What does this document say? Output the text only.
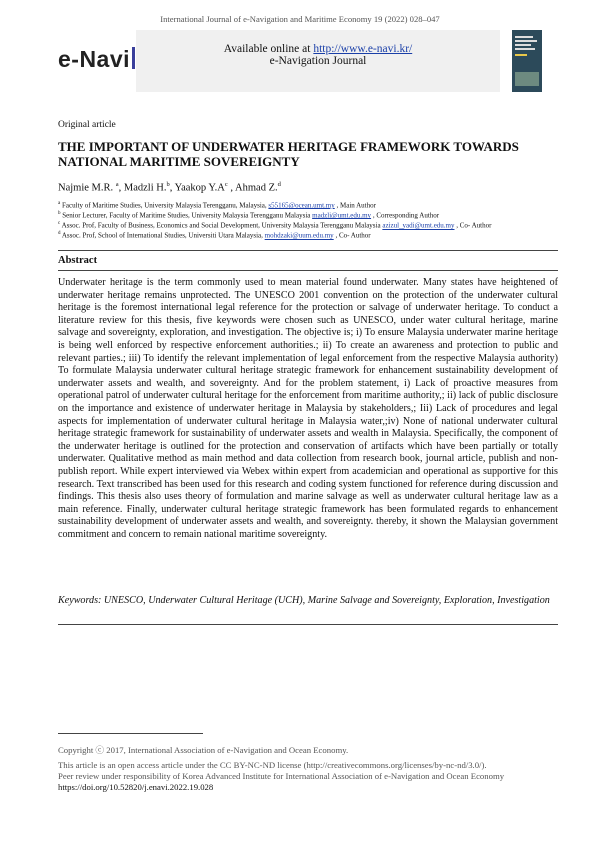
International Journal of e-Navigation and Maritime Economy 19 (2022) 028–047
e-Navi	Available online at http://www.e-navi.kr/
e-Navigation Journal
Original article
THE IMPORTANT OF UNDERWATER HERITAGE FRAMEWORK TOWARDS NATIONAL MARITIME SOVEREIGNTY
Najmie M.R. $^a$, Madzli H.$^b$, Yaakop $Y.A^c$ , Ahmad Z.$^d$
$^a$ Faculty of Maritime Studies, University Malaysia Terengganu, Malaysia, s55165@ocean.umt.my , Main Author
$^b$ Senior Lecturer, Faculty of Maritime Studies, University Malaysia Terengganu Malaysia madzli@umt.edu.my , Corresponding Author
$^c$ Assoc. Prof, Faculty of Business, Economics and Social Development, University Malaysia Terengganu Malaysia azizul_yadi@umt.edu.my , Co- Author
$^d$ Assoc. Prof, School of International Studies, Universiti Utara Malaysia, mohdzaki@uum.edu.my , Co- Author
Abstract

Underwater heritage is the term commonly used to mean material found underwater. Many states have heightened of underwater heritage remains unprotected. The UNESCO 2001 convention on the protection of the underwater cultural heritage is the foremost international legal reference for the protection or salvage of underwater heritage. To conduct a literature review for this thesis, five keywords were chosen such as UNESCO, under water cultural heritage, marine salvage and sovereignty, exploration, and investigation. The objective is; i) To ensure Malaysia underwater marine heritage is being well enforced by respective enforcement authorities.; ii) To create an awareness and protection to public and relevant parties.; iii) To identify the relevant implementation of legal enforcement from the respective Malaysia authority) To formulate Malaysia underwater cultural heritage strategic framework for enhancement sustainability development of underwater assets and wealth, and sovereignty. And for the problem statement, i) Lack of proactive measures from operational patrol of underwater cultural heritage for the enforcement from maritime authority,; ii) lack of public disclosure on the importance and existence of underwater heritage in Malaysia by stakeholders,; Iii) Lack of procedures and legal aspects for implementation of underwater cultural heritage in Malaysia water,;iv) None of national underwater cultural heritage strategic framework for sustainability of underwater assets and wealth in Malaysia. Specifically, the component of the underwater heritage is outlined for the protection and conservation of artifacts which have been partially or totally underwater. Qualitative method as main method and data collection from research book, journal article, publish and non-publish report. While expert interviewed via Webex within expert from academician and operational as supportive for this research. Text transcribed has been used for this research and coding system functioned for reference during discussion and findings. This thesis also uses theory of formulation and marine salvage as well as underwater cultural heritage law as a main reference. Finally, underwater cultural heritage strategic framework has been formulated regards to enhancement sustainability development of underwater assets and wealth, and sovereignty. thereby, it shown the Malaysian government commitment and concern to remain national maritime sovereignty.

Keywords: UNESCO, Underwater Cultural Heritage (UCH), Marine Salvage and Sovereignty, Exploration, Investigation
Copyright ⓒ 2017, International Association of e-Navigation and Ocean Economy.
This article is an open access article under the CC BY-NC-ND license (http://creativecommons.org/licenses/by-nc-nd/3.0/).
Peer review under responsibility of Korea Advanced Institute for International Association of e-Navigation and Ocean Economy
https://doi.org/10.52820/j.enavi.2022.19.028
